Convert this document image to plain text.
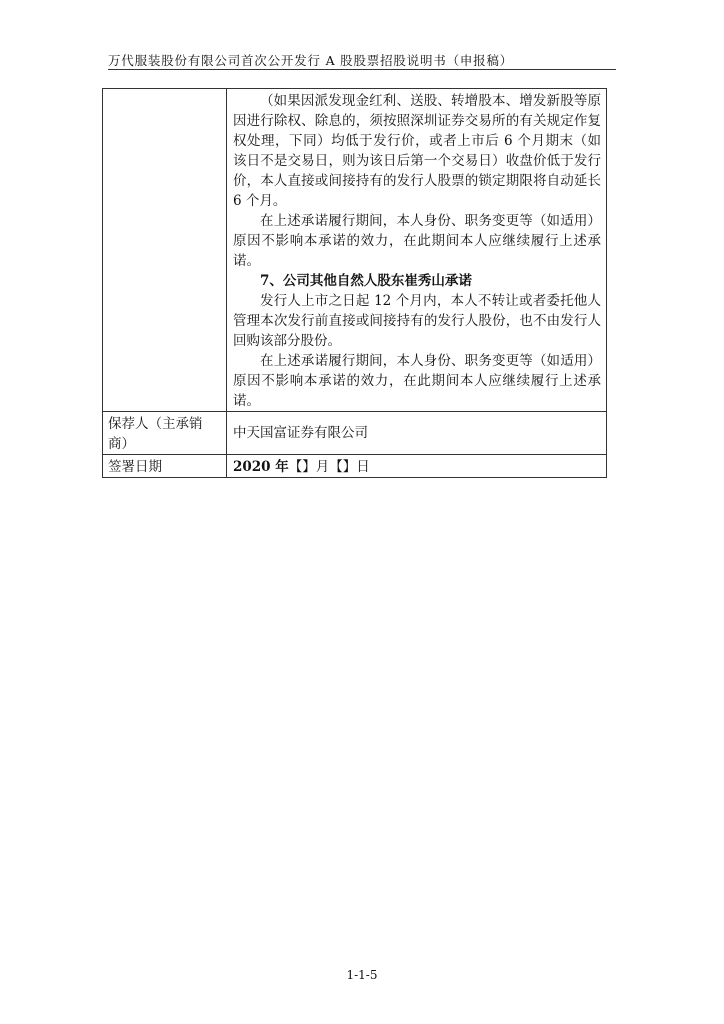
万代服装股份有限公司首次公开发行 A 股股票招股说明书（申报稿）

	（如果因派发现金红利、送股、转增股本、增发新股等原因进行除权、除息的，须按照深圳证券交易所的有关规定作复权处理，下同）均低于发行价，或者上市后 6 个月期末（如该日不是交易日，则为该日后第一个交易日）收盘价低于发行价，本人直接或间接持有的发行人股票的锁定期限将自动延长 6 个月。

在上述承诺履行期间，本人身份、职务变更等（如适用）原因不影响本承诺的效力，在此期间本人应继续履行上述承诺。

7、公司其他自然人股东崔秀山承诺

发行人上市之日起 12 个月内，本人不转让或者委托他人管理本次发行前直接或间接持有的发行人股份，也不由发行人回购该部分股份。

在上述承诺履行期间，本人身份、职务变更等（如适用）原因不影响本承诺的效力，在此期间本人应继续履行上述承诺。

保荐人（主承销商）	中天国富证券有限公司

签署日期	2020 年【】月【】日
1-1-5
